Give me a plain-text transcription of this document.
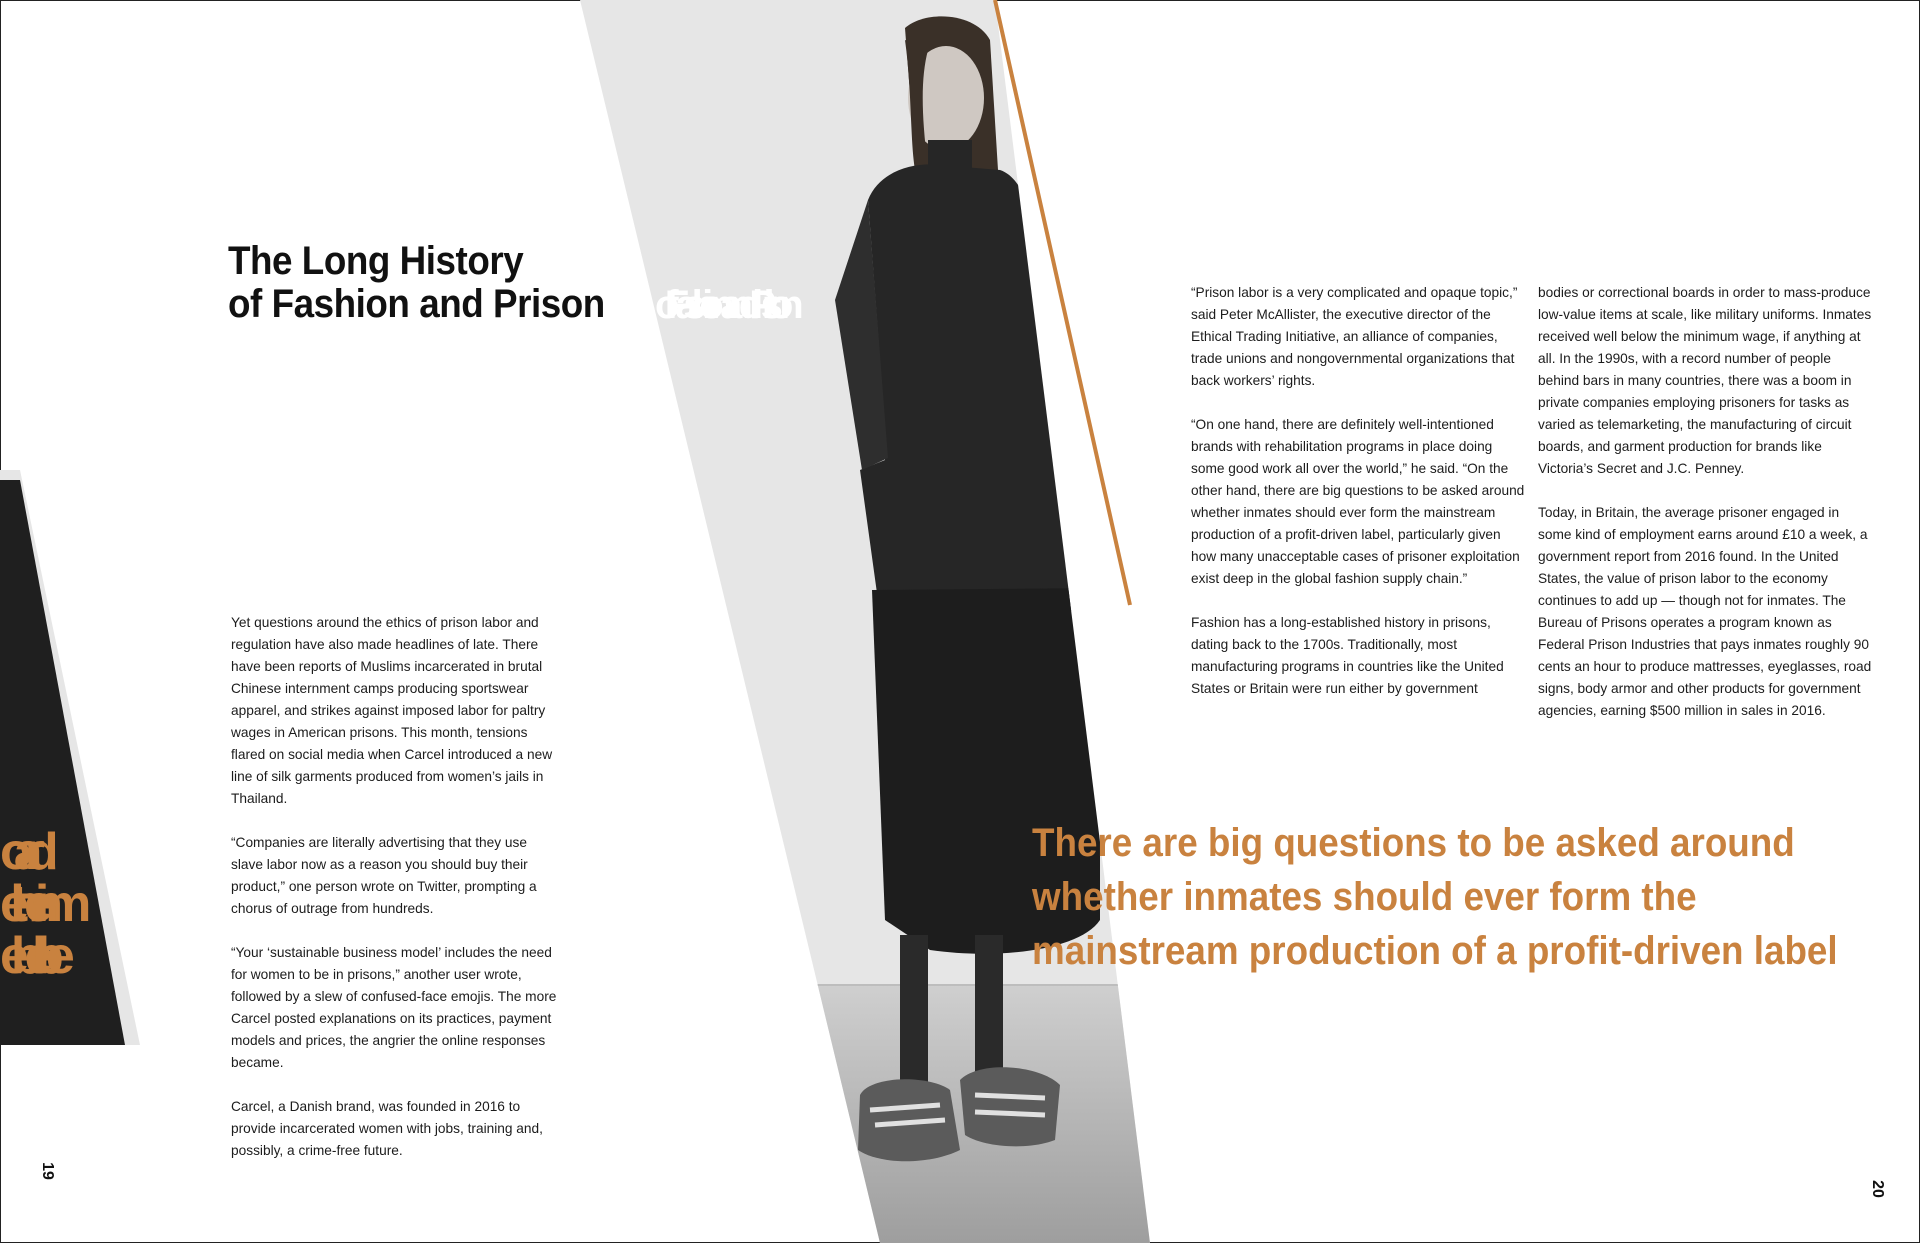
The Long History
of Fashion and Prison ofFashionandPrison
oard
etheinm
ebelbe

Yet questions around the ethics of prison labor and regulation have also made headlines of late. There have been reports of Muslims incarcerated in brutal Chinese internment camps producing sportswear apparel, and strikes against imposed labor for paltry wages in American prisons. This month, tensions flared on social media when Carcel introduced a new line of silk garments produced from women’s jails in Thailand.

“Companies are literally advertising that they use slave labor now as a reason you should buy their product,” one person wrote on Twitter, prompting a chorus of outrage from hundreds.

“Your ‘sustainable business model’ includes the need for women to be in prisons,” another user wrote, followed by a slew of confused-face emojis. The more Carcel posted explanations on its practices, payment models and prices, the angrier the online responses became.

Carcel, a Danish brand, was founded in 2016 to provide incarcerated women with jobs, training and, possibly, a crime-free future.

“Prison labor is a very complicated and opaque topic,” said Peter McAllister, the executive director of the Ethical Trading Initiative, an alliance of companies, trade unions and nongovernmental organizations that back workers’ rights.

“On one hand, there are definitely well-intentioned brands with rehabilitation programs in place doing some good work all over the world,” he said. “On the other hand, there are big questions to be asked around whether inmates should ever form the mainstream production of a profit-driven label, particularly given how many unacceptable cases of prisoner exploitation exist deep in the global fashion supply chain.”

Fashion has a long-established history in prisons, dating back to the 1700s. Traditionally, most manufacturing programs in countries like the United States or Britain were run either by government

bodies or correctional boards in order to mass-produce low-value items at scale, like military uniforms. Inmates received well below the minimum wage, if anything at all. In the 1990s, with a record number of people behind bars in many countries, there was a boom in private companies employing prisoners for tasks as varied as telemarketing, the manufacturing of circuit boards, and garment production for brands like Victoria’s Secret and J.C. Penney.

Today, in Britain, the average prisoner engaged in some kind of employment earns around £10 a week, a government report from 2016 found. In the United States, the value of prison labor to the economy continues to add up — though not for inmates. The Bureau of Prisons operates a program known as Federal Prison Industries that pays inmates roughly 90 cents an hour to produce mattresses, eyeglasses, road signs, body armor and other products for government agencies, earning $500 million in sales in 2016.

There are big questions to be asked around whether inmates should ever form the mainstream production of a profit-driven label

19
20
